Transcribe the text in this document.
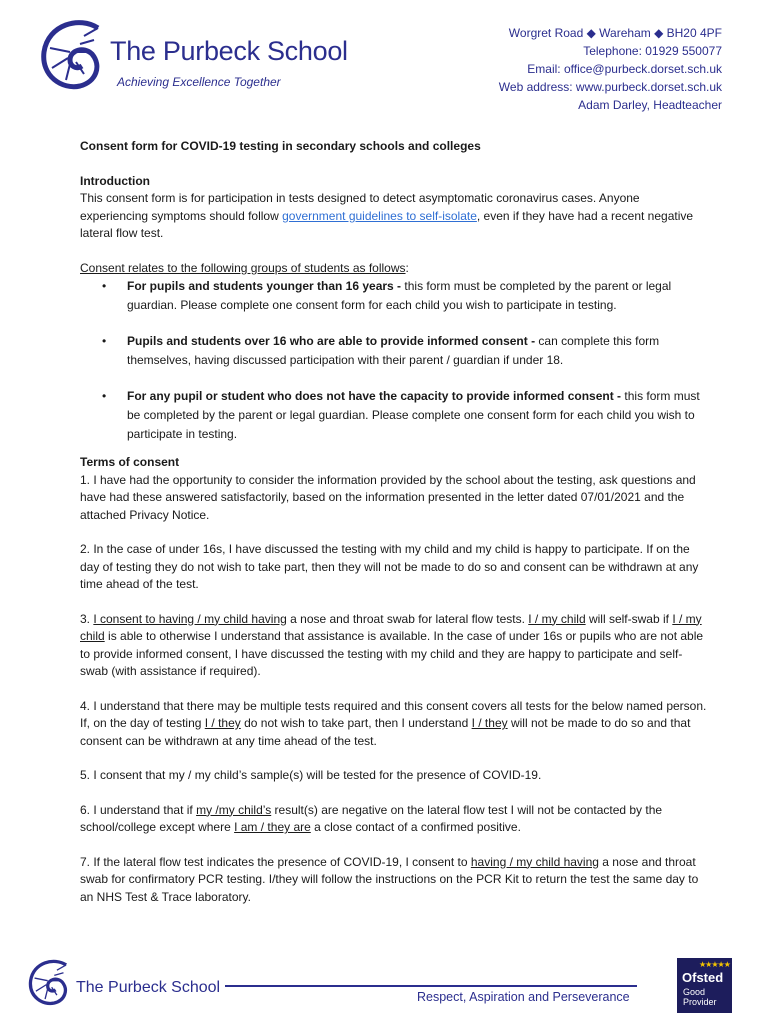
The Purbeck School
Achieving Excellence Together
Worgret Road ◆ Wareham ◆ BH20 4PF
Telephone: 01929 550077
Email: office@purbeck.dorset.sch.uk
Web address: www.purbeck.dorset.sch.uk
Adam Darley, Headteacher

Consent form for COVID-19 testing in secondary schools and colleges

Introduction

This consent form is for participation in tests designed to detect asymptomatic coronavirus cases. Anyone experiencing symptoms should follow government guidelines to self-isolate, even if they have had a recent negative lateral flow test.

Consent relates to the following groups of students as follows:

• For pupils and students younger than 16 years - this form must be completed by the parent or legal guardian. Please complete one consent form for each child you wish to participate in testing.
• Pupils and students over 16 who are able to provide informed consent - can complete this form themselves, having discussed participation with their parent / guardian if under 18.
• For any pupil or student who does not have the capacity to provide informed consent - this form must be completed by the parent or legal guardian. Please complete one consent form for each child you wish to participate in testing.

Terms of consent

1. I have had the opportunity to consider the information provided by the school about the testing, ask questions and have had these answered satisfactorily, based on the information presented in the letter dated 07/01/2021 and the attached Privacy Notice.

2. In the case of under 16s, I have discussed the testing with my child and my child is happy to participate. If on the day of testing they do not wish to take part, then they will not be made to do so and consent can be withdrawn at any time ahead of the test.

3. I consent to having / my child having a nose and throat swab for lateral flow tests. I / my child will self-swab if I / my child is able to otherwise I understand that assistance is available. In the case of under 16s or pupils who are not able to provide informed consent, I have discussed the testing with my child and they are happy to participate and self-swab (with assistance if required).

4. I understand that there may be multiple tests required and this consent covers all tests for the below named person. If, on the day of testing I / they do not wish to take part, then I understand I / they will not be made to do so and that consent can be withdrawn at any time ahead of the test.

5. I consent that my / my child’s sample(s) will be tested for the presence of COVID-19.

6. I understand that if my /my child’s result(s) are negative on the lateral flow test I will not be contacted by the school/college except where I am / they are a close contact of a confirmed positive.

7. If the lateral flow test indicates the presence of COVID-19, I consent to having / my child having a nose and throat swab for confirmatory PCR testing. I/they will follow the instructions on the PCR Kit to return the test the same day to an NHS Test & Trace laboratory.

The Purbeck School
Respect, Aspiration and Perseverance
★★★★★
Ofsted
Good
Provider
